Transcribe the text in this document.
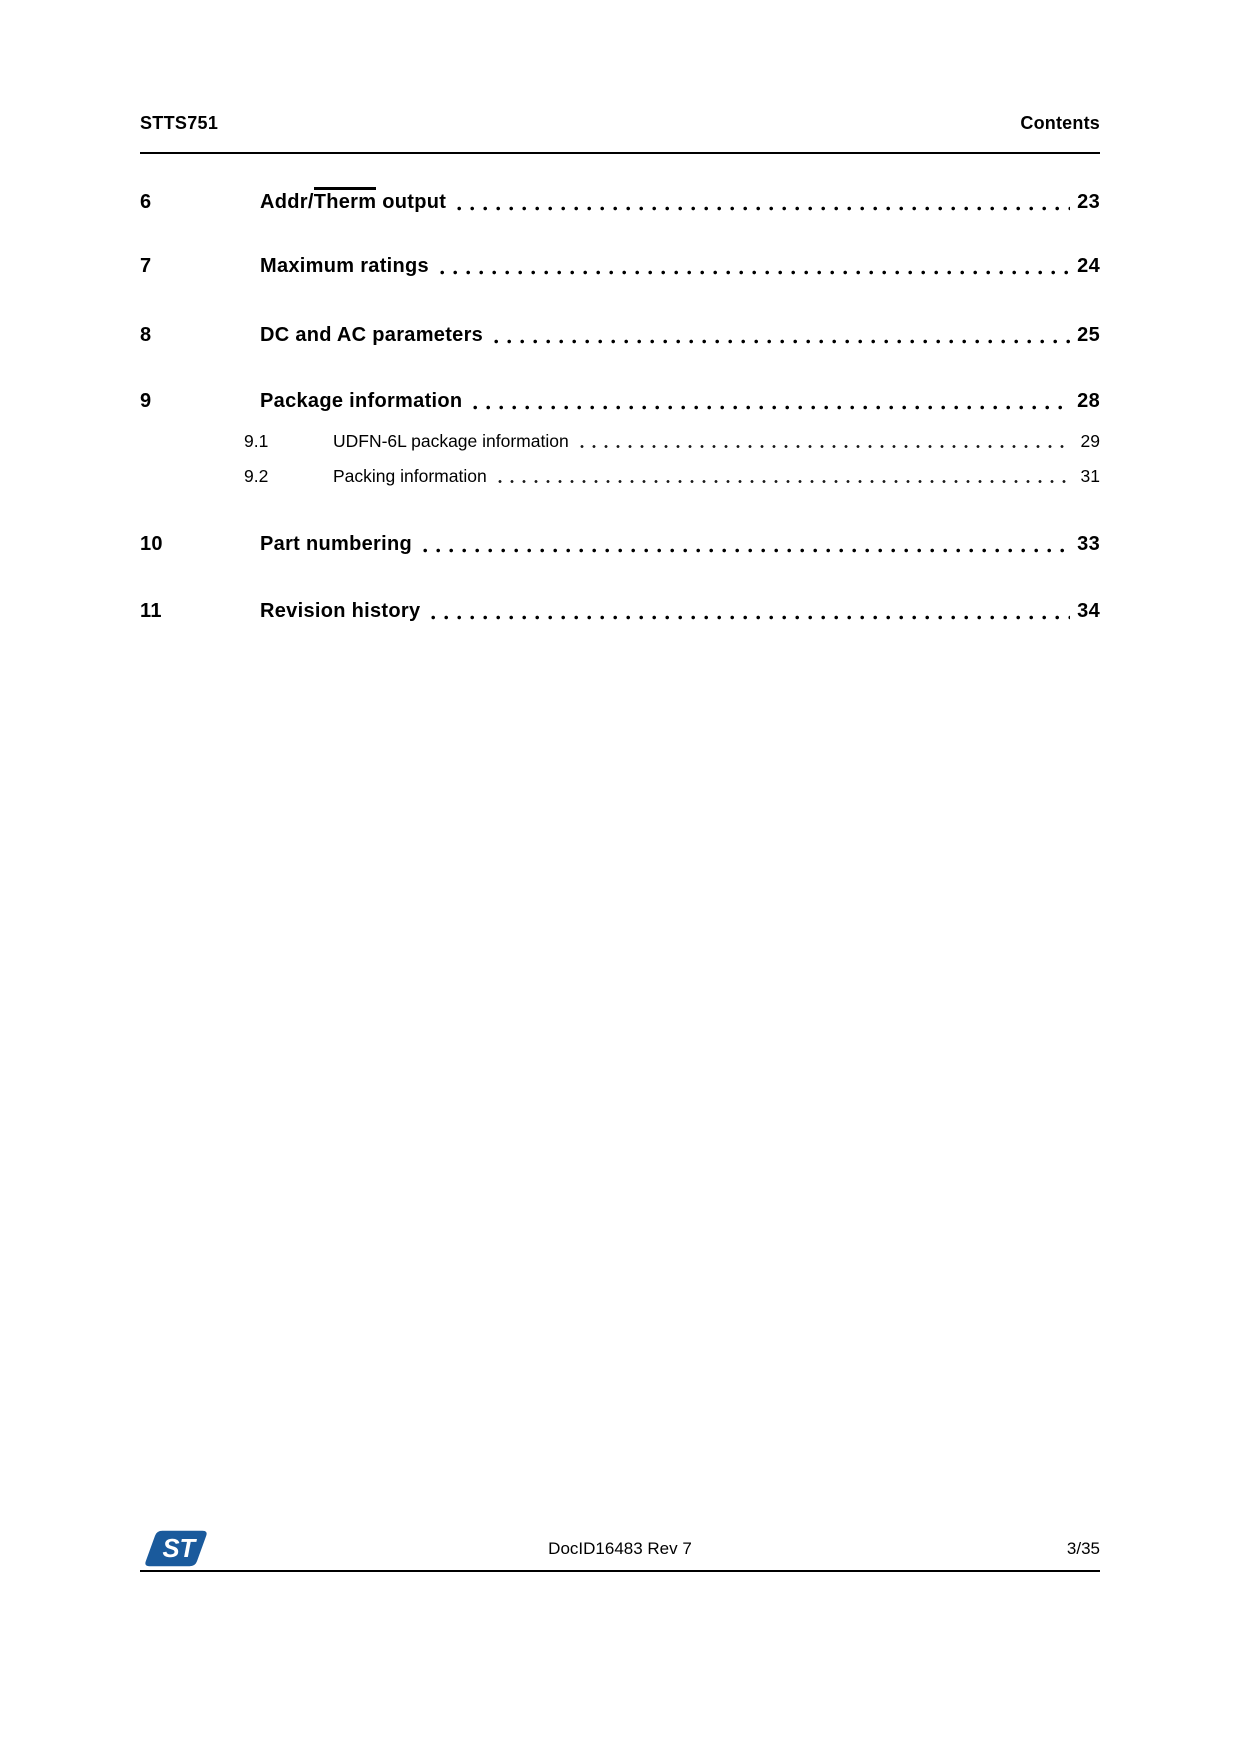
STTS751	Contents
6	Addr/Therm output	23
7	Maximum ratings	24
8	DC and AC parameters	25
9	Package information	28
9.1	UDFN-6L package information	29
9.2	Packing information	31
10	Part numbering	33
11	Revision history	34
ST	DocID16483 Rev 7	3/35
